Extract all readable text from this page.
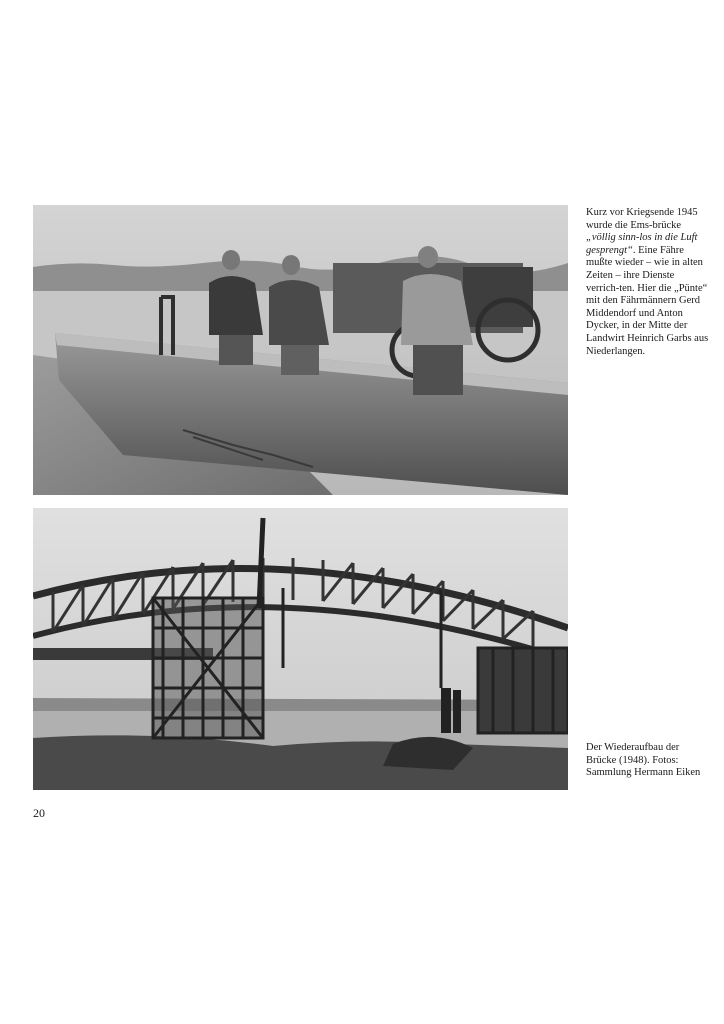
Kurz vor Kriegsende 1945 wurde die Ems-brücke „völlig sinn-los in die Luft gesprengt“. Eine Fähre mußte wieder – wie in alten Zeiten – ihre Dienste verrich-ten. Hier die „Pünte“ mit den Fährmännern Gerd Middendorf und Anton Dycker, in der Mitte der Landwirt Heinrich Garbs aus Niederlangen.
Der Wiederaufbau der Brücke (1948). Fotos: Sammlung Hermann Eiken
20
